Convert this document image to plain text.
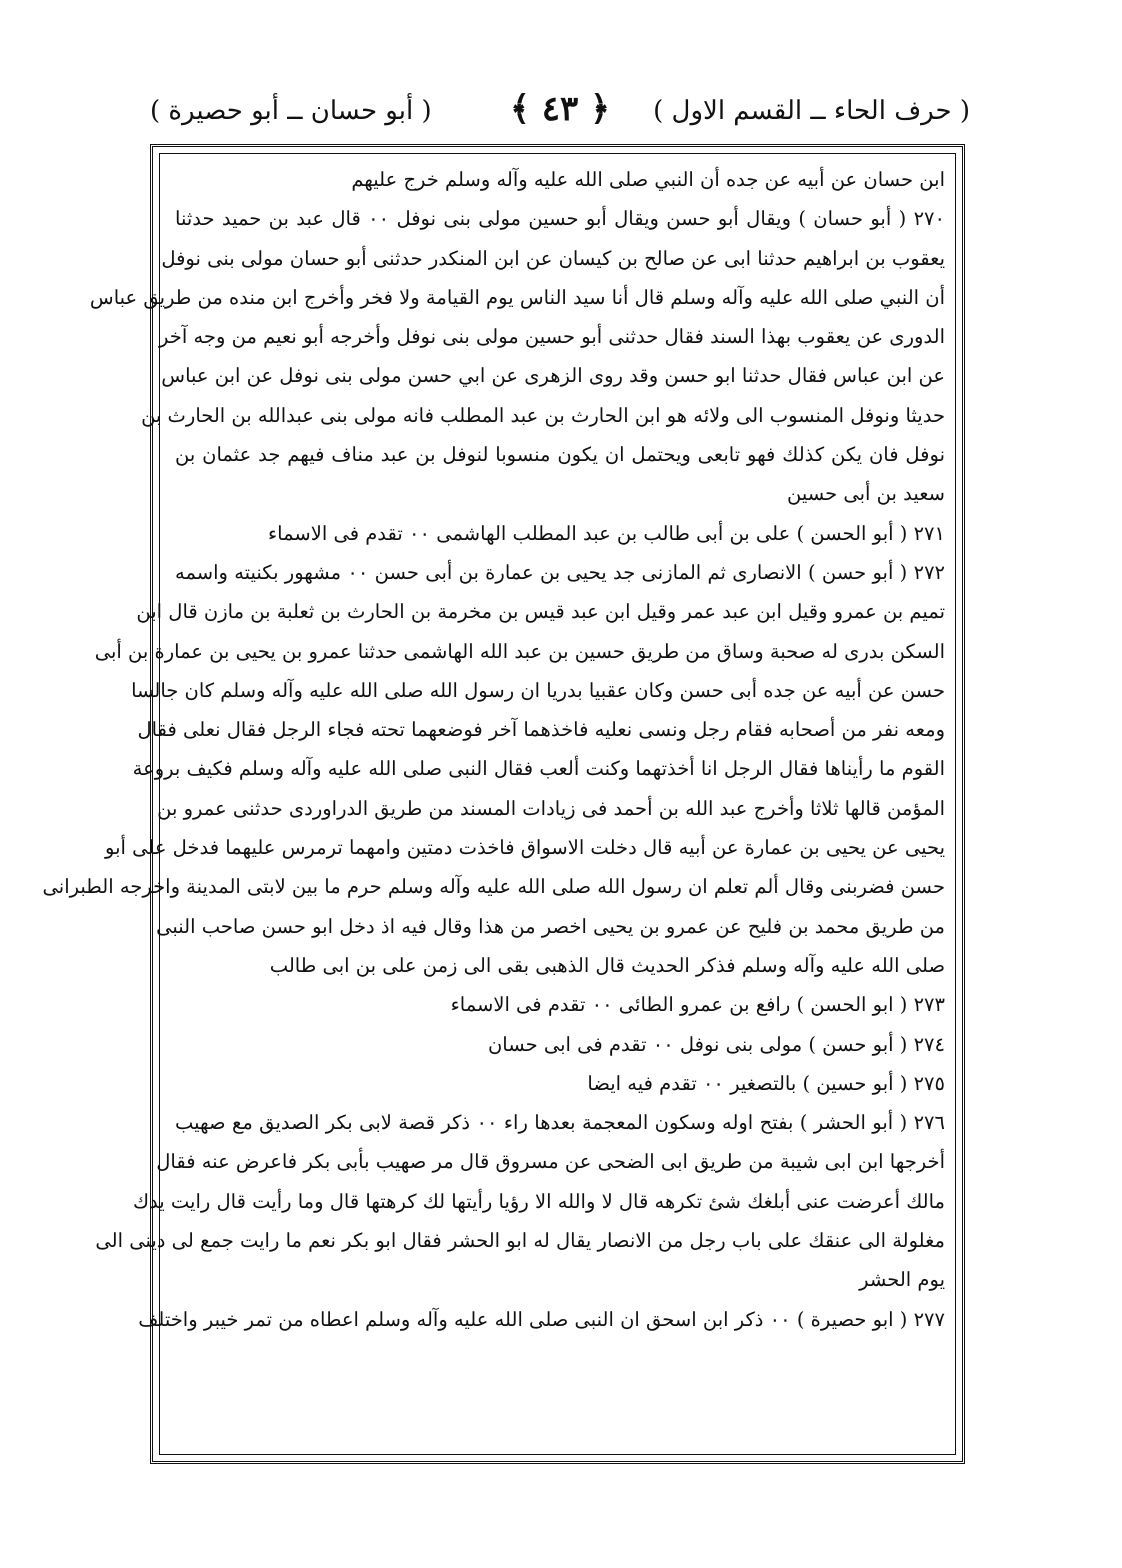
( حرف الحاء ــ القسم الاول )
﴿ ٤٣ ﴾
( أبو حسان ــ أبو حصيرة )
ابن حسان عن أبيه عن جده أن النبي صلى الله عليه وآله وسلم خرج عليهم
٢٧٠ ( أبو حسان ) ويقال أبو حسن ويقال أبو حسين مولى بنى نوفل ٠٠ قال عبد بن حميد حدثنا
يعقوب بن ابراهيم حدثنا ابى عن صالح بن كيسان عن ابن المنكدر حدثنى أبو حسان مولى بنى نوفل
أن النبي صلى الله عليه وآله وسلم قال أنا سيد الناس يوم القيامة ولا فخر وأخرج ابن منده من طريق عباس
الدورى عن يعقوب بهذا السند فقال حدثنى أبو حسين مولى بنى نوفل وأخرجه أبو نعيم من وجه آخر
عن ابن عباس فقال حدثنا ابو حسن وقد روى الزهرى عن ابي حسن مولى بنى نوفل عن ابن عباس
حديثا ونوفل المنسوب الى ولائه هو ابن الحارث بن عبد المطلب فانه مولى بنى عبدالله بن الحارث بن
نوفل فان يكن كذلك فهو تابعى ويحتمل ان يكون منسوبا لنوفل بن عبد مناف فيهم جد عثمان بن
سعيد بن أبى حسين
٢٧١ ( أبو الحسن ) على بن أبى طالب بن عبد المطلب الهاشمى ٠٠ تقدم فى الاسماء
٢٧٢ ( أبو حسن ) الانصارى ثم المازنى جد يحيى بن عمارة بن أبى حسن ٠٠ مشهور بكنيته واسمه
تميم بن عمرو وقيل ابن عبد عمر وقيل ابن عبد قيس بن مخرمة بن الحارث بن ثعلبة بن مازن قال ابن
السكن بدرى له صحبة وساق من طريق حسين بن عبد الله الهاشمى حدثنا عمرو بن يحيى بن عمارة بن أبى
حسن عن أبيه عن جده أبى حسن وكان عقبيا بدريا ان رسول الله صلى الله عليه وآله وسلم كان جالسا
ومعه نفر من أصحابه فقام رجل ونسى نعليه فاخذهما آخر فوضعهما تحته فجاء الرجل فقال نعلى فقال
القوم ما رأيناها فقال الرجل انا أخذتهما وكنت ألعب فقال النبى صلى الله عليه وآله وسلم فكيف بروعة
المؤمن قالها ثلاثا وأخرج عبد الله بن أحمد فى زيادات المسند من طريق الدراوردى حدثنى عمرو بن
يحيى عن يحيى بن عمارة عن أبيه قال دخلت الاسواق فاخذت دمتين وامهما ترمرس عليهما فدخل على أبو
حسن فضربنى وقال ألم تعلم ان رسول الله صلى الله عليه وآله وسلم حرم ما بين لابتى المدينة واخرجه الطبرانى
من طريق محمد بن فليح عن عمرو بن يحيى اخصر من هذا وقال فيه اذ دخل ابو حسن صاحب النبى
صلى الله عليه وآله وسلم فذكر الحديث قال الذهبى بقى الى زمن على بن ابى طالب
٢٧٣ ( ابو الحسن ) رافع بن عمرو الطائى ٠٠ تقدم فى الاسماء
٢٧٤ ( أبو حسن ) مولى بنى نوفل ٠٠ تقدم فى ابى حسان
٢٧٥ ( أبو حسين ) بالتصغير ٠٠ تقدم فيه ايضا
٢٧٦ ( أبو الحشر ) بفتح اوله وسكون المعجمة بعدها راء ٠٠ ذكر قصة لابى بكر الصديق مع صهيب
أخرجها ابن ابى شيبة من طريق ابى الضحى عن مسروق قال مر صهيب بأبى بكر فاعرض عنه فقال
مالك أعرضت عنى أبلغك شئ تكرهه قال لا والله الا رؤيا رأيتها لك كرهتها قال وما رأيت قال رايت يدك
مغلولة الى عنقك على باب رجل من الانصار يقال له ابو الحشر فقال ابو بكر نعم ما رايت جمع لى دينى الى
يوم الحشر
٢٧٧ ( ابو حصيرة ) ٠٠ ذكر ابن اسحق ان النبى صلى الله عليه وآله وسلم اعطاه من تمر خيبر واختلف
